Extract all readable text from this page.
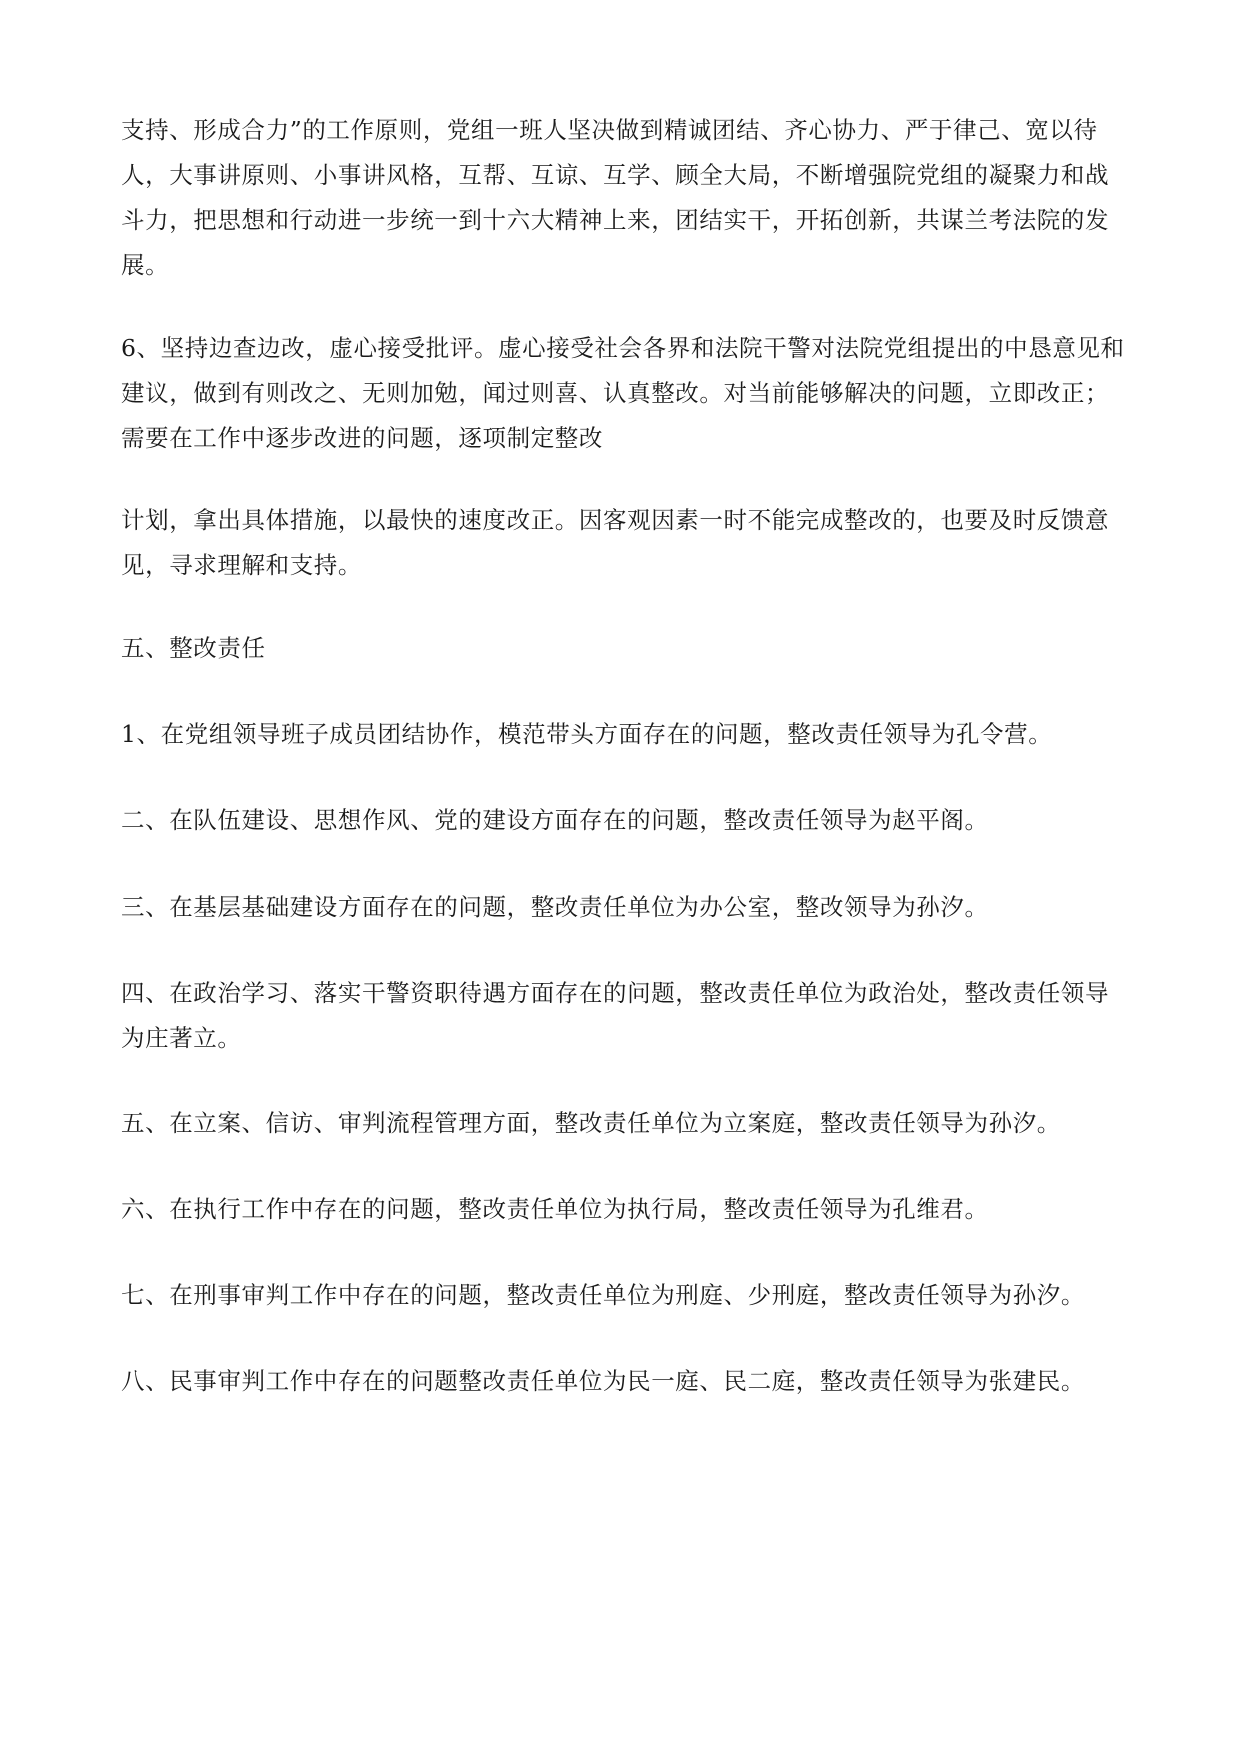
支持、形成合力”的工作原则，党组一班人坚决做到精诚团结、齐心协力、严于律己、宽以待人，大事讲原则、小事讲风格，互帮、互谅、互学、顾全大局，不断增强院党组的凝聚力和战斗力，把思想和行动进一步统一到十六大精神上来，团结实干，开拓创新，共谋兰考法院的发展。

6、坚持边查边改，虚心接受批评。虚心接受社会各界和法院干警对法院党组提出的中恳意见和建议，做到有则改之、无则加勉，闻过则喜、认真整改。对当前能够解决的问题，立即改正；需要在工作中逐步改进的问题，逐项制定整改

计划，拿出具体措施，以最快的速度改正。因客观因素一时不能完成整改的，也要及时反馈意见，寻求理解和支持。

五、整改责任

1、在党组领导班子成员团结协作，模范带头方面存在的问题，整改责任领导为孔令营。

二、在队伍建设、思想作风、党的建设方面存在的问题，整改责任领导为赵平阁。

三、在基层基础建设方面存在的问题，整改责任单位为办公室，整改领导为孙汐。

四、在政治学习、落实干警资职待遇方面存在的问题，整改责任单位为政治处，整改责任领导为庄著立。

五、在立案、信访、审判流程管理方面，整改责任单位为立案庭，整改责任领导为孙汐。

六、在执行工作中存在的问题，整改责任单位为执行局，整改责任领导为孔维君。

七、在刑事审判工作中存在的问题，整改责任单位为刑庭、少刑庭，整改责任领导为孙汐。

八、民事审判工作中存在的问题整改责任单位为民一庭、民二庭，整改责任领导为张建民。
